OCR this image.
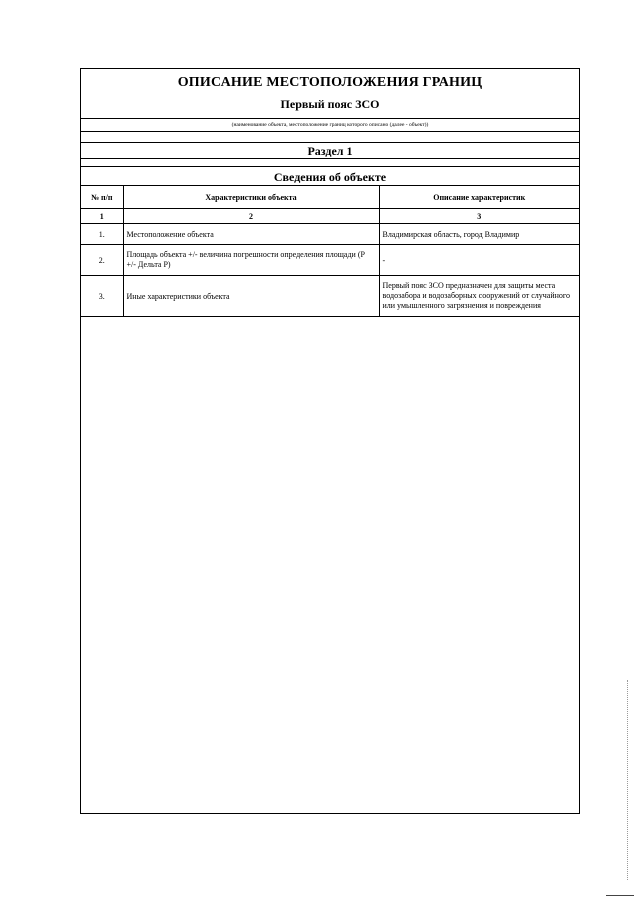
ОПИСАНИЕ МЕСТОПОЛОЖЕНИЯ ГРАНИЦ
Первый пояс ЗСО
(наименование объекта, местоположение границ которого описано (далее - объект))
Раздел 1
Сведения об объекте
№ п/п	Характеристики объекта	Описание характеристик
1	2	3
1.	Местоположение объекта	Владимирская область, город Владимир
2.	Площадь объекта +/- величина погрешности определения площади (Р +/- Дельта Р)	-
3.	Иные характеристики объекта	Первый пояс ЗСО предназначен для защиты места водозабора и водозаборных сооружений от случайного или умышленного загрязнения и повреждения
